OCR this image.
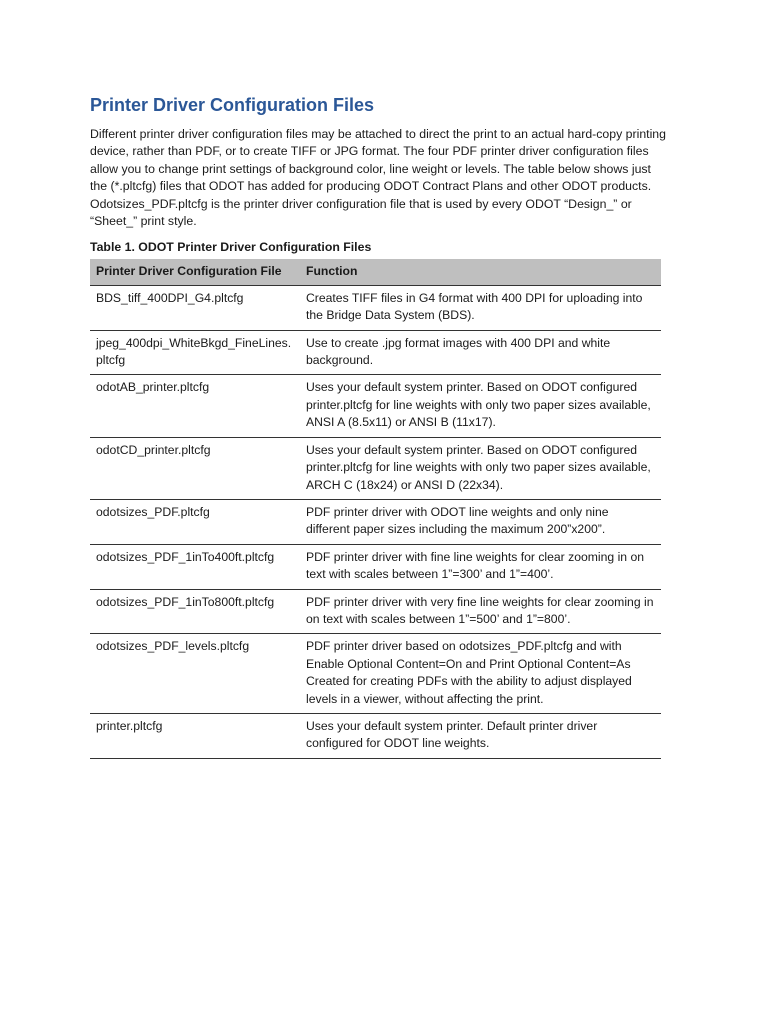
Printer Driver Configuration Files

Different printer driver configuration files may be attached to direct the print to an actual hard-copy printing device, rather than PDF, or to create TIFF or JPG format. The four PDF printer driver configuration files allow you to change print settings of background color, line weight or levels. The table below shows just the (*.pltcfg) files that ODOT has added for producing ODOT Contract Plans and other ODOT products. Odotsizes_PDF.pltcfg is the printer driver configuration file that is used by every ODOT “Design_” or “Sheet_” print style.

Table 1. ODOT Printer Driver Configuration Files

Printer Driver Configuration File	Function
BDS_tiff_400DPI_G4.pltcfg	Creates TIFF files in G4 format with 400 DPI for uploading into the Bridge Data System (BDS).
jpeg_400dpi_WhiteBkgd_FineLines.pltcfg	Use to create .jpg format images with 400 DPI and white background.
odotAB_printer.pltcfg	Uses your default system printer. Based on ODOT configured printer.pltcfg for line weights with only two paper sizes available, ANSI A (8.5x11) or ANSI B (11x17).
odotCD_printer.pltcfg	Uses your default system printer. Based on ODOT configured printer.pltcfg for line weights with only two paper sizes available, ARCH C (18x24) or ANSI D (22x34).
odotsizes_PDF.pltcfg	PDF printer driver with ODOT line weights and only nine different paper sizes including the maximum 200”x200”.
odotsizes_PDF_1inTo400ft.pltcfg	PDF printer driver with fine line weights for clear zooming in on text with scales between 1”=300’ and 1”=400’.
odotsizes_PDF_1inTo800ft.pltcfg	PDF printer driver with very fine line weights for clear zooming in on text with scales between 1”=500’ and 1”=800’.
odotsizes_PDF_levels.pltcfg	PDF printer driver based on odotsizes_PDF.pltcfg and with Enable Optional Content=On and Print Optional Content=As Created for creating PDFs with the ability to adjust displayed levels in a viewer, without affecting the print.
printer.pltcfg	Uses your default system printer. Default printer driver configured for ODOT line weights.
